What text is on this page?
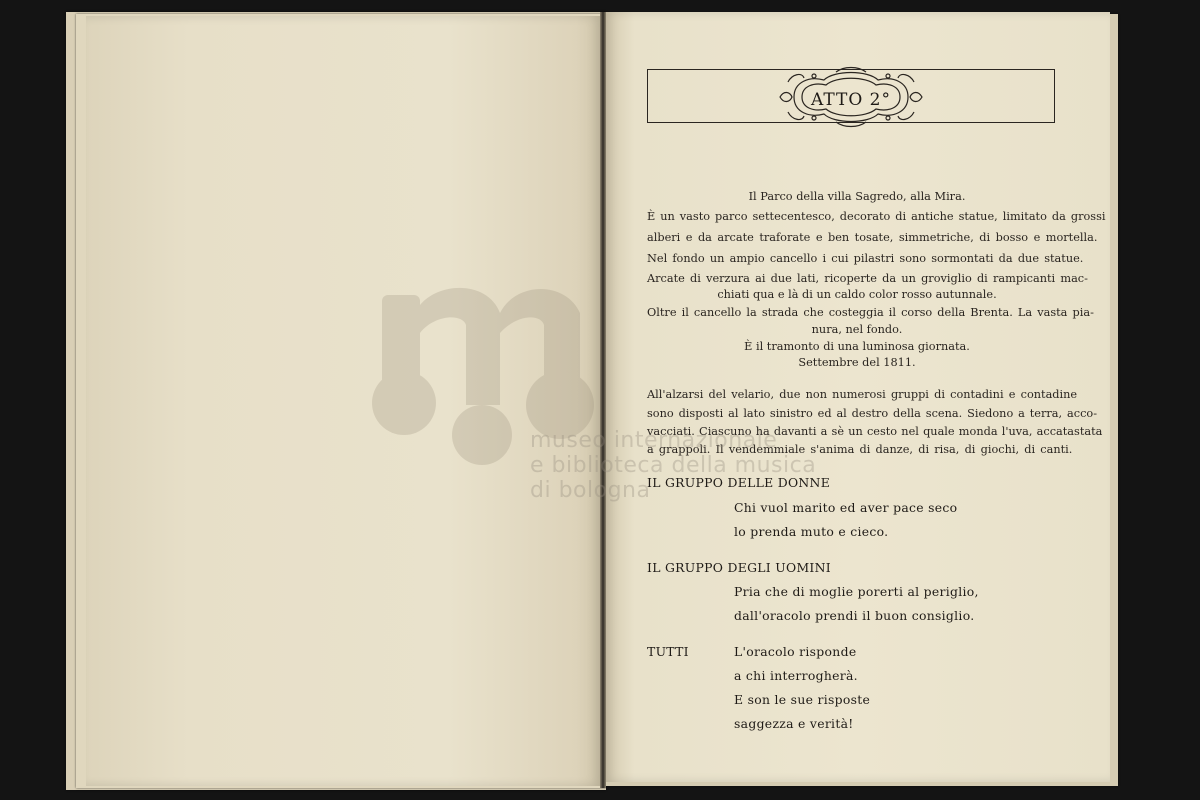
ATTO 2°
Il Parco della villa Sagredo, alla Mira.
È un vasto parco settecentesco, decorato di antiche statue, limitato da grossi
alberi e da arcate traforate e ben tosate, simmetriche, di bosso e mortella.
Nel fondo un ampio cancello i cui pilastri sono sormontati da due statue.
Arcate di verzura ai due lati, ricoperte da un groviglio di rampicanti mac-
chiati qua e là di un caldo color rosso autunnale.
Oltre il cancello la strada che costeggia il corso della Brenta. La vasta pia-
nura, nel fondo.
È il tramonto di una luminosa giornata.
Settembre del 1811.
All'alzarsi del velario, due non numerosi gruppi di contadini e contadine
sono disposti al lato sinistro ed al destro della scena. Siedono a terra, acco-
vacciati. Ciascuno ha davanti a sè un cesto nel quale monda l'uva, accatastata
a grappoli. Il vendemmiale s'anima di danze, di risa, di giochi, di canti.
IL GRUPPO DELLE DONNE
Chi vuol marito ed aver pace seco
lo prenda muto e cieco.
IL GRUPPO DEGLI UOMINI
Pria che di moglie porerti al periglio,
dall'oracolo prendi il buon consiglio.
TUTTI	L'oracolo risponde
a chi interrogherà.
E son le sue risposte
saggezza e verità!
museo internazionale
e biblioteca della musica
di bologna
